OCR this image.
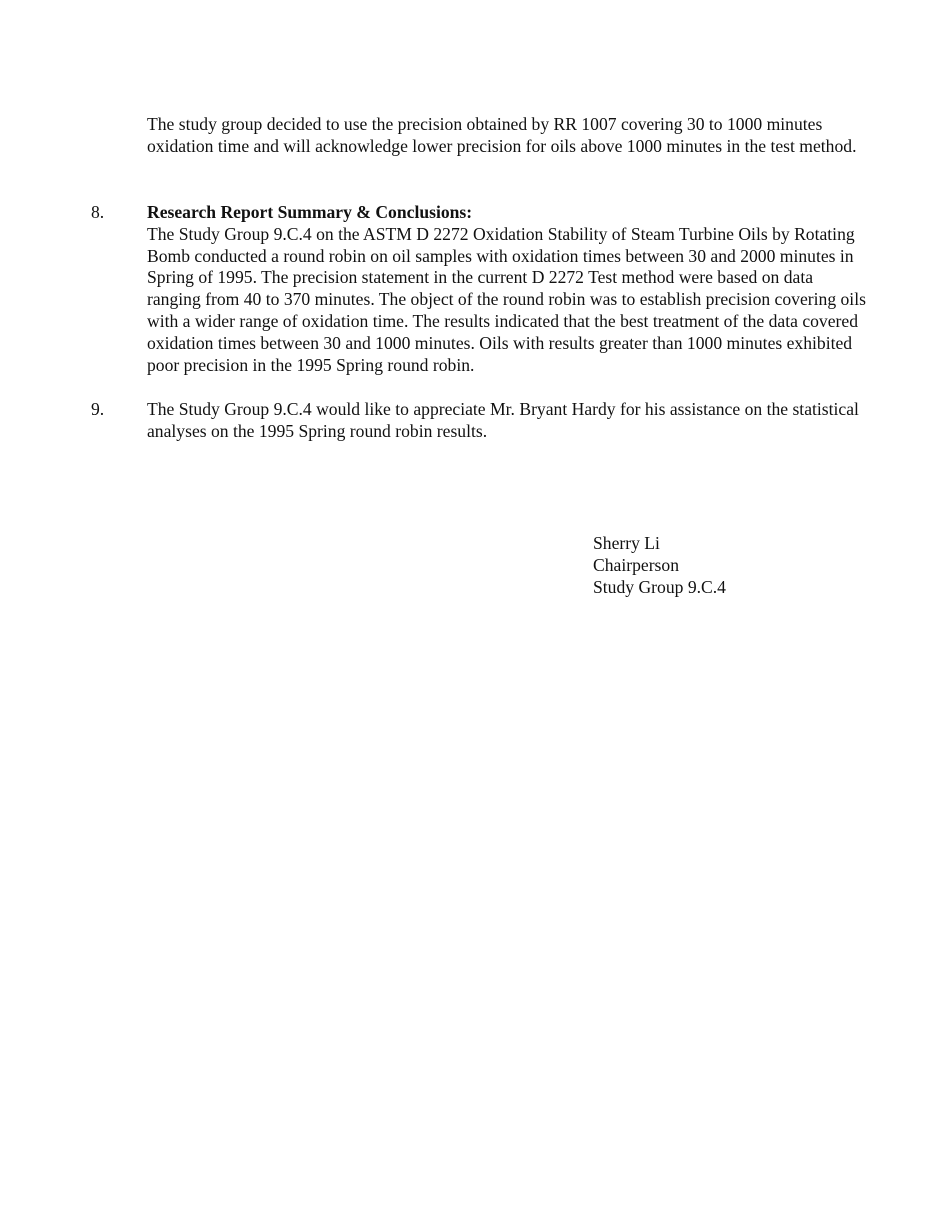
The study group decided to use the precision obtained by RR 1007 covering 30 to 1000 minutes oxidation time and will acknowledge lower precision for oils above 1000 minutes in the test method.

8. Research Report Summary & Conclusions:
The Study Group 9.C.4 on the ASTM D 2272 Oxidation Stability of Steam Turbine Oils by Rotating Bomb conducted a round robin on oil samples with oxidation times between 30 and 2000 minutes in Spring of 1995. The precision statement in the current D 2272 Test method were based on data ranging from 40 to 370 minutes. The object of the round robin was to establish precision covering oils with a wider range of oxidation time. The results indicated that the best treatment of the data covered oxidation times between 30 and 1000 minutes. Oils with results greater than 1000 minutes exhibited poor precision in the 1995 Spring round robin.
9. The Study Group 9.C.4 would like to appreciate Mr. Bryant Hardy for his assistance on the statistical analyses on the 1995 Spring round robin results.

Sherry Li
Chairperson
Study Group 9.C.4
